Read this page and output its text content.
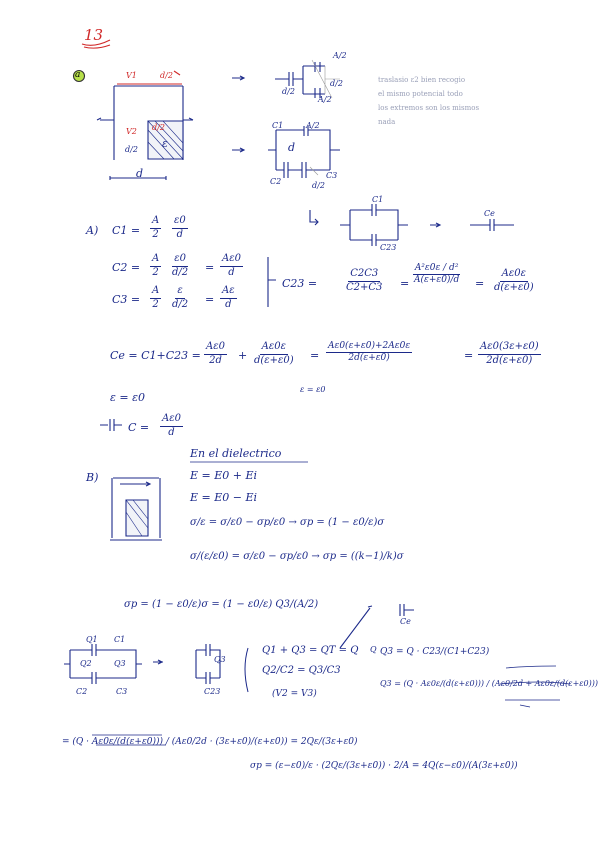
13
a	V1	d/2
V2 d/2
ε
d/2
d
A/2
d/2
d/2
A/2
traslasio ε2 bien recogio
el mismo potencial todo
los extremos son los mismos
nada
C1	A/2
d
C2
C3
d/2
C1
C23
Ce
A) $C1 = \frac{A}{2} \frac{\varepsilon 0}{d}$
$C2 = \frac{A}{2} \frac{\varepsilon 0}{d/2} = \frac{A\varepsilon 0}{d}$
$C3 = \frac{A}{2} \frac{\varepsilon}{d/2} = \frac{A\varepsilon}{d}$
C23 =	$\frac{C2C3}{C2+C3} = \frac{\text{A²ε0ε / d²}}{A(\varepsilon+\varepsilon 0)/d} = \frac{A\varepsilon 0\varepsilon}{d(\varepsilon+\varepsilon 0)}$
$Ce = C1+C23 = \frac{A\varepsilon 0}{2d} + \frac{A\varepsilon 0\varepsilon}{d(\varepsilon+\varepsilon 0)} = \frac{A\varepsilon 0(\varepsilon+\varepsilon 0)+2A\varepsilon 0\varepsilon}{2d(\varepsilon+\varepsilon 0)}$	= $\frac{A\varepsilon 0(3\varepsilon+\varepsilon 0)}{2d(\varepsilon+\varepsilon 0)}$
ε = ε0
ε = ε0
$C = \frac{A\varepsilon 0}{d}$
B)
En el dielectrico
E = E0 + Ei
E = E0 − Ei
σ/ε = σ/ε0 − σp/ε0 → σp = (1 − ε0/ε)σ
σ/(ε/ε0) = σ/ε0 − σp/ε0 → σp = ((k−1)/k)σ
σp = (1 − ε0/ε)σ = (1 − ε0/ε) Q3/(A/2)
Q1 + Q3 = QT = Q
Q2/C2 = Q3/C3
(V2 = V3)
Q3 = Q · C23/(C1+C23)
Q3 = (Q · Aε0ε/(d(ε+ε0))) / (Aε0/2d + Aε0ε/(d(ε+ε0)))
= (Q · Aε0ε/(d(ε+ε0))) / (Aε0/2d · (3ε+ε0)/(ε+ε0)) = 2Qε/(3ε+ε0)
σp = (ε−ε0)/ε · (2Qε/(3ε+ε0)) · 2/A = 4Q(ε−ε0)/(A(3ε+ε0))
Q1 C1
Q2	Q3
C2	C3
Q3
C23
Q
Ce
